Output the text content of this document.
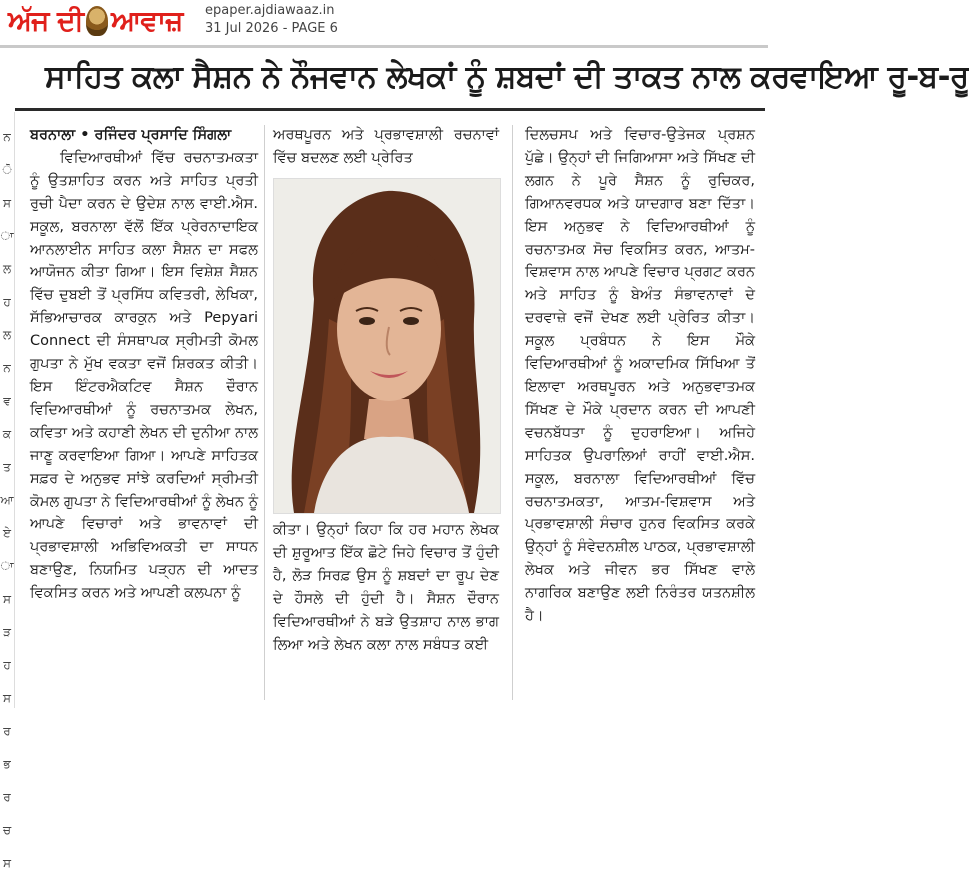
ਅੱਜ ਦੀ ਆਵਾਜ਼ epaper.ajdiawaaz.in
31 Jul 2026 - PAGE 6
ਨ
ੋ
ਸ
ਾ
ਲ
ਹ
ਲ
ਨ
ਵ
ਕ
ਤ
ਆ
ਏ
ਾ
ਸ
ੜ
ਹ
ਸ
ਰ
ਭ
ਰ
ਚ
ਸ
ਸਾਹਿਤ ਕਲਾ ਸੈਸ਼ਨ ਨੇ ਨੌਜਵਾਨ ਲੇਖਕਾਂ ਨੂੰ ਸ਼ਬਦਾਂ ਦੀ ਤਾਕਤ ਨਾਲ ਕਰਵਾਇਆ ਰੂ-ਬ-ਰੂ
ਬਰਨਾਲਾ • ਰਜਿੰਦਰ ਪ੍ਰਸਾਦਿ ਸਿੰਗਲਾ
ਵਿਦਿਆਰਥੀਆਂ ਵਿੱਚ ਰਚਨਾਤਮਕਤਾ ਨੂੰ ਉਤਸ਼ਾਹਿਤ ਕਰਨ ਅਤੇ ਸਾਹਿਤ ਪ੍ਰਤੀ ਰੁਚੀ ਪੈਦਾ ਕਰਨ ਦੇ ਉਦੇਸ਼ ਨਾਲ ਵਾਈ.ਐਸ. ਸਕੂਲ, ਬਰਨਾਲਾ ਵੱਲੋਂ ਇੱਕ ਪ੍ਰੇਰਨਾਦਾਇਕ ਆਨਲਾਈਨ ਸਾਹਿਤ ਕਲਾ ਸੈਸ਼ਨ ਦਾ ਸਫਲ ਆਯੋਜਨ ਕੀਤਾ ਗਿਆ। ਇਸ ਵਿਸ਼ੇਸ਼ ਸੈਸ਼ਨ ਵਿੱਚ ਦੁਬਈ ਤੋਂ ਪ੍ਰਸਿੱਧ ਕਵਿਤਰੀ, ਲੇਖਿਕਾ, ਸੱਭਿਆਚਾਰਕ ਕਾਰਕੁਨ ਅਤੇ Pepyari Connect ਦੀ ਸੰਸਥਾਪਕ ਸ੍ਰੀਮਤੀ ਕੋਮਲ ਗੁਪਤਾ ਨੇ ਮੁੱਖ ਵਕਤਾ ਵਜੋਂ ਸ਼ਿਰਕਤ ਕੀਤੀ। ਇਸ ਇੰਟਰਐਕਟਿਵ ਸੈਸ਼ਨ ਦੌਰਾਨ ਵਿਦਿਆਰਥੀਆਂ ਨੂੰ ਰਚਨਾਤਮਕ ਲੇਖਨ, ਕਵਿਤਾ ਅਤੇ ਕਹਾਣੀ ਲੇਖਨ ਦੀ ਦੁਨੀਆ ਨਾਲ ਜਾਣੂ ਕਰਵਾਇਆ ਗਿਆ। ਆਪਣੇ ਸਾਹਿਤਕ ਸਫ਼ਰ ਦੇ ਅਨੁਭਵ ਸਾਂਝੇ ਕਰਦਿਆਂ ਸ੍ਰੀਮਤੀ ਕੋਮਲ ਗੁਪਤਾ ਨੇ ਵਿਦਿਆਰਥੀਆਂ ਨੂੰ ਲੇਖਨ ਨੂੰ ਆਪਣੇ ਵਿਚਾਰਾਂ ਅਤੇ ਭਾਵਨਾਵਾਂ ਦੀ ਪ੍ਰਭਾਵਸ਼ਾਲੀ ਅਭਿਵਿਅਕਤੀ ਦਾ ਸਾਧਨ ਬਣਾਉਣ, ਨਿਯਮਿਤ ਪੜ੍ਹਨ ਦੀ ਆਦਤ ਵਿਕਸਿਤ ਕਰਨ ਅਤੇ ਆਪਣੀ ਕਲਪਨਾ ਨੂੰ
ਅਰਥਪੂਰਨ ਅਤੇ ਪ੍ਰਭਾਵਸ਼ਾਲੀ ਰਚਨਾਵਾਂ ਵਿੱਚ ਬਦਲਣ ਲਈ ਪ੍ਰੇਰਿਤ
ਕੀਤਾ। ਉਨ੍ਹਾਂ ਕਿਹਾ ਕਿ ਹਰ ਮਹਾਨ ਲੇਖਕ ਦੀ ਸ਼ੁਰੂਆਤ ਇੱਕ ਛੋਟੇ ਜਿਹੇ ਵਿਚਾਰ ਤੋਂ ਹੁੰਦੀ ਹੈ, ਲੋੜ ਸਿਰਫ਼ ਉਸ ਨੂੰ ਸ਼ਬਦਾਂ ਦਾ ਰੂਪ ਦੇਣ ਦੇ ਹੌਸਲੇ ਦੀ ਹੁੰਦੀ ਹੈ। ਸੈਸ਼ਨ ਦੌਰਾਨ ਵਿਦਿਆਰਥੀਆਂ ਨੇ ਬੜੇ ਉਤਸ਼ਾਹ ਨਾਲ ਭਾਗ ਲਿਆ ਅਤੇ ਲੇਖਨ ਕਲਾ ਨਾਲ ਸਬੰਧਤ ਕਈ
ਦਿਲਚਸਪ ਅਤੇ ਵਿਚਾਰ-ਉਤੇਜਕ ਪ੍ਰਸ਼ਨ ਪੁੱਛੇ। ਉਨ੍ਹਾਂ ਦੀ ਜਿਗਿਆਸਾ ਅਤੇ ਸਿੱਖਣ ਦੀ ਲਗਨ ਨੇ ਪੂਰੇ ਸੈਸ਼ਨ ਨੂੰ ਰੁਚਿਕਰ, ਗਿਆਨਵਰਧਕ ਅਤੇ ਯਾਦਗਾਰ ਬਣਾ ਦਿੱਤਾ। ਇਸ ਅਨੁਭਵ ਨੇ ਵਿਦਿਆਰਥੀਆਂ ਨੂੰ ਰਚਨਾਤਮਕ ਸੋਚ ਵਿਕਸਿਤ ਕਰਨ, ਆਤਮ-ਵਿਸ਼ਵਾਸ ਨਾਲ ਆਪਣੇ ਵਿਚਾਰ ਪ੍ਰਗਟ ਕਰਨ ਅਤੇ ਸਾਹਿਤ ਨੂੰ ਬੇਅੰਤ ਸੰਭਾਵਨਾਵਾਂ ਦੇ ਦਰਵਾਜ਼ੇ ਵਜੋਂ ਦੇਖਣ ਲਈ ਪ੍ਰੇਰਿਤ ਕੀਤਾ। ਸਕੂਲ ਪ੍ਰਬੰਧਨ ਨੇ ਇਸ ਮੌਕੇ ਵਿਦਿਆਰਥੀਆਂ ਨੂੰ ਅਕਾਦਮਿਕ ਸਿੱਖਿਆ ਤੋਂ ਇਲਾਵਾ ਅਰਥਪੂਰਨ ਅਤੇ ਅਨੁਭਵਾਤਮਕ ਸਿੱਖਣ ਦੇ ਮੌਕੇ ਪ੍ਰਦਾਨ ਕਰਨ ਦੀ ਆਪਣੀ ਵਚਨਬੱਧਤਾ ਨੂੰ ਦੁਹਰਾਇਆ। ਅਜਿਹੇ ਸਾਹਿਤਕ ਉਪਰਾਲਿਆਂ ਰਾਹੀਂ ਵਾਈ.ਐਸ. ਸਕੂਲ, ਬਰਨਾਲਾ ਵਿਦਿਆਰਥੀਆਂ ਵਿੱਚ ਰਚਨਾਤਮਕਤਾ, ਆਤਮ-ਵਿਸ਼ਵਾਸ ਅਤੇ ਪ੍ਰਭਾਵਸ਼ਾਲੀ ਸੰਚਾਰ ਹੁਨਰ ਵਿਕਸਿਤ ਕਰਕੇ ਉਨ੍ਹਾਂ ਨੂੰ ਸੰਵੇਦਨਸ਼ੀਲ ਪਾਠਕ, ਪ੍ਰਭਾਵਸ਼ਾਲੀ ਲੇਖਕ ਅਤੇ ਜੀਵਨ ਭਰ ਸਿੱਖਣ ਵਾਲੇ ਨਾਗਰਿਕ ਬਣਾਉਣ ਲਈ ਨਿਰੰਤਰ ਯਤਨਸ਼ੀਲ ਹੈ।
